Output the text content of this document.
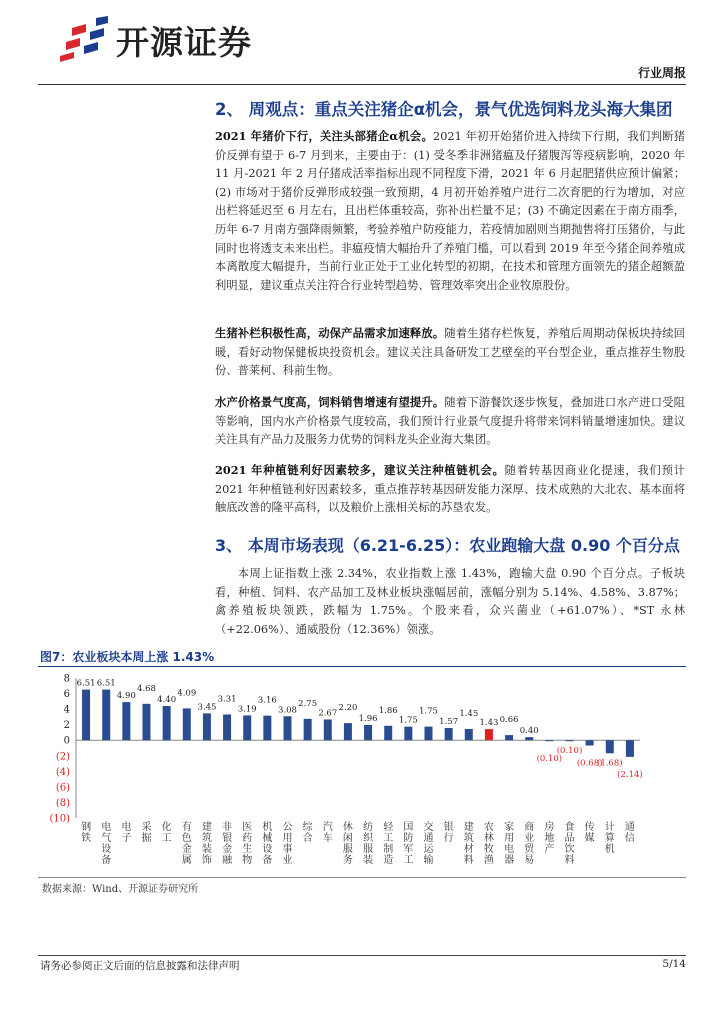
开源证券
行业周报
2、 周观点：重点关注猪企α机会，景气优选饲料龙头海大集团

2021 年猪价下行，关注头部猪企α机会。2021 年初开始猪价进入持续下行期，我们判断猪价反弹有望于 6-7 月到来，主要由于：(1) 受冬季非洲猪瘟及仔猪腹泻等疫病影响，2020 年 11 月-2021 年 2 月仔猪成活率指标出现不同程度下滑，2021 年 6 月起肥猪供应预计偏紧；(2) 市场对于猪价反弹形成较强一致预期，4 月初开始养殖户进行二次育肥的行为增加，对应出栏将延迟至 6 月左右，且出栏体重较高，弥补出栏量不足；(3) 不确定因素在于南方雨季，历年 6-7 月南方强降雨频繁，考验养殖户防疫能力，若疫情加剧则当期抛售将打压猪价，与此同时也将透支未来出栏。非瘟疫情大幅抬升了养殖门槛，可以看到 2019 年至今猪企间养殖成本离散度大幅提升，当前行业正处于工业化转型的初期，在技术和管理方面领先的猪企超额盈利明显，建议重点关注符合行业转型趋势、管理效率突出企业牧原股份。

生猪补栏积极性高，动保产品需求加速释放。随着生猪存栏恢复，养殖后周期动保板块持续回暖，看好动物保健板块投资机会。建议关注具备研发工艺壁垒的平台型企业，重点推荐生物股份、普莱柯、科前生物。

水产价格景气度高，饲料销售增速有望提升。随着下游餐饮逐步恢复，叠加进口水产进口受阻等影响，国内水产价格景气度较高，我们预计行业景气度提升将带来饲料销量增速加快。建议关注具有产品力及服务力优势的饲料龙头企业海大集团。

2021 年种植链利好因素较多，建议关注种植链机会。随着转基因商业化提速，我们预计 2021 年种植链利好因素较多，重点推荐转基因研发能力深厚、技术成熟的大北农、基本面将触底改善的隆平高科，以及粮价上涨相关标的苏垦农发。

3、 本周市场表现（6.21-6.25）：农业跑输大盘 0.90 个百分点

本周上证指数上涨 2.34%，农业指数上涨 1.43%，跑输大盘 0.90 个百分点。子板块看，种植、饲料、农产品加工及林业板块涨幅居前，涨幅分别为 5.14%、4.58%、3.87%；禽养殖板块领跌，跌幅为 1.75%。个股来看，众兴菌业（+61.07%）、*ST 永林（+22.06%）、通威股份（12.36%）领涨。

图7：农业板块本周上涨 1.43%
8
6
4
2
0
(2)
(4)
(6)
(8)
(10)
6.51
钢
铁
6.51
电
气
设
备
4.90
电
子
4.68
采
掘
4.40
化
工
4.09
有
色
金
属
3.45
建
筑
装
饰
3.31
非
银
金
融
3.19
医
药
生
物
3.16
机
械
设
备
3.08
公
用
事
业
2.75
综
合
2.67
汽
车
2.20
休
闲
服
务
1.96
纺
织
服
装
1.86
轻
工
制
造
1.75
国
防
军
工
1.75
交
通
运
输
1.57
银
行
1.45
建
筑
材
料
1.43
农
林
牧
渔
0.66
家
用
电
器
0.40
商
业
贸
易
(0.10)
房
地
产
(0.10)
食
品
饮
料
(0.68)
传
媒
(1.68)
计
算
机
(2.14)
通
信
数据来源：Wind、开源证券研究所
请务必参阅正文后面的信息披露和法律声明	5/14
